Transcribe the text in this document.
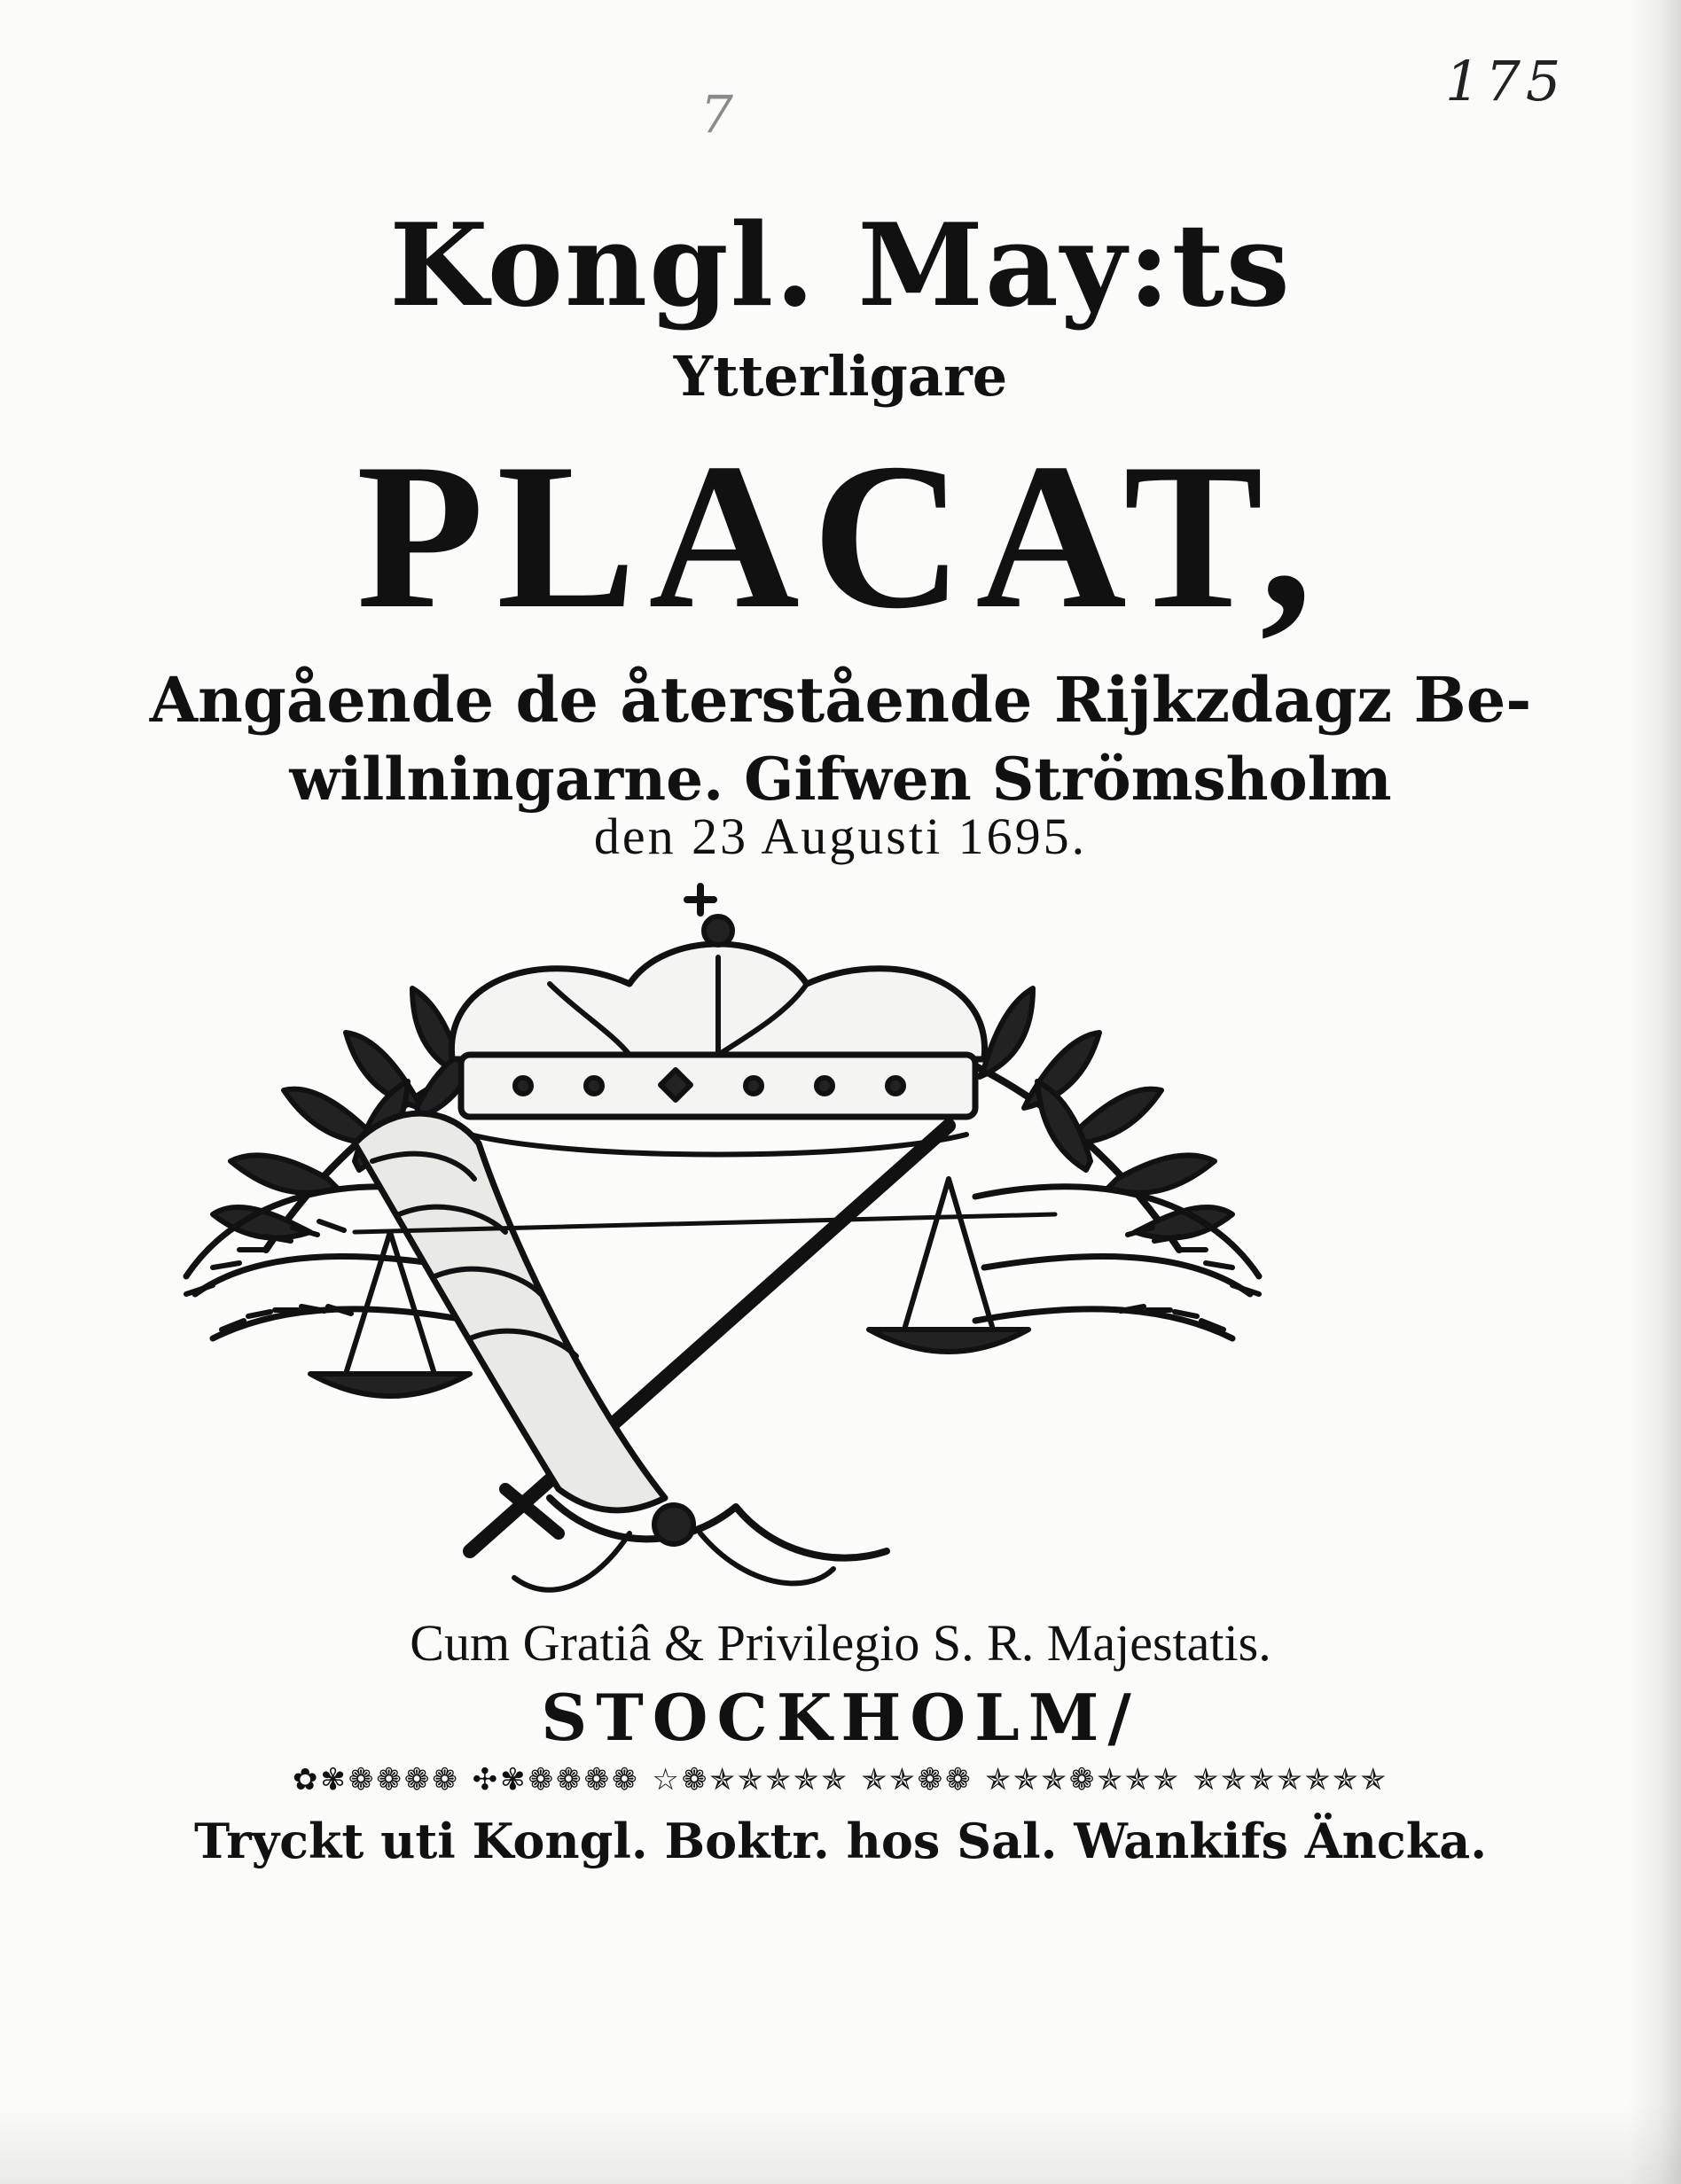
175
7
Kongl. May:ts
Ytterligare
PLACAT,
Angående de återstående Rijkzdagz Be-
willningarne. Gifwen Strömsholm
den 23 Augusti 1695.
Cum Gratiâ & Privilegio S. R. Majestatis.
STOCKHOLM/
✿✾❁❁❁❁ ✣✾❁❁❁❁ ☆❁✯✯✯✯✯ ✯✯❁❁ ✯✯✯❁✯✯✯ ✯✯✯✯✯✯✯
Tryckt uti Kongl. Boktr. hos Sal. Wankifs Äncka.
